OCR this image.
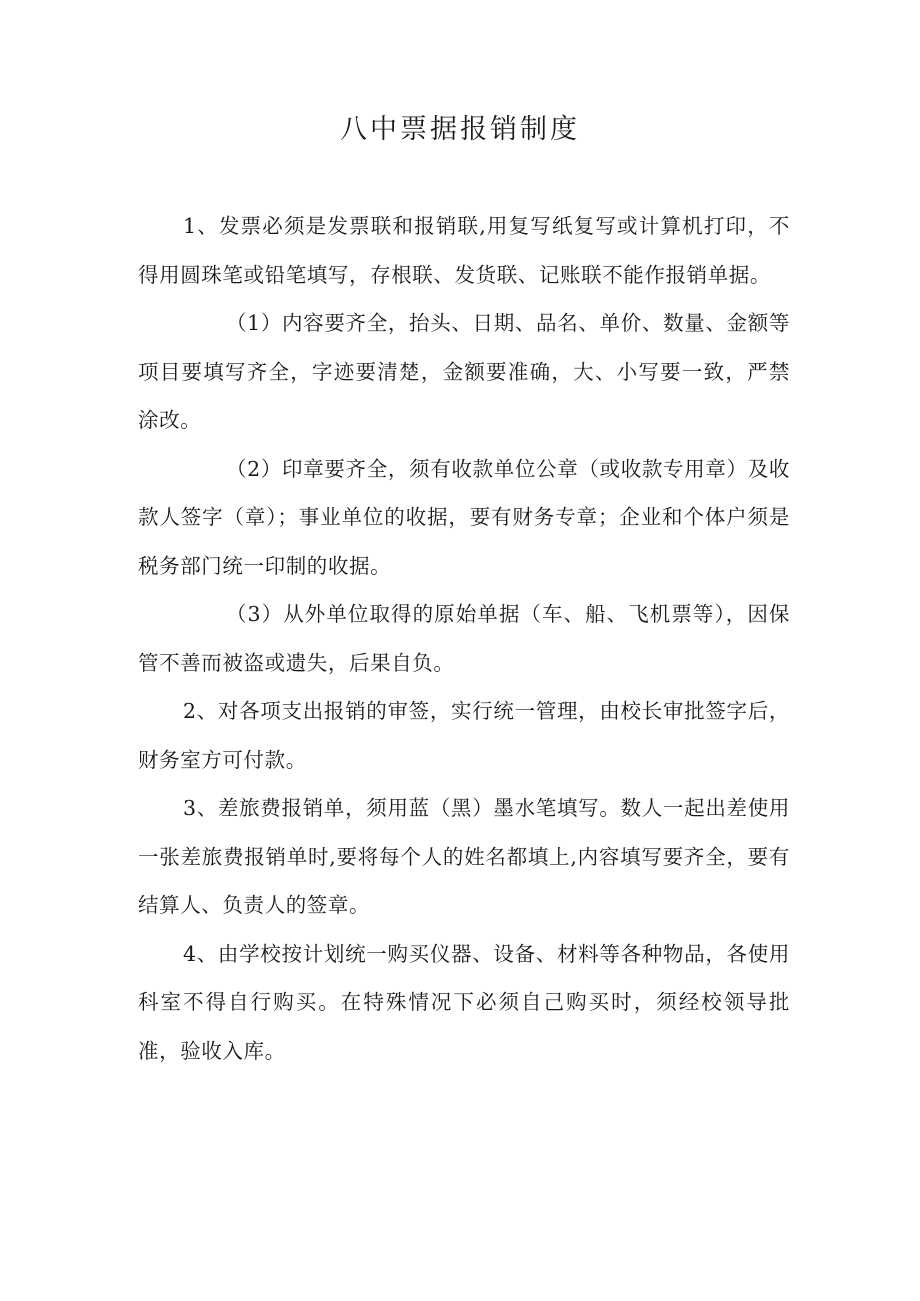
八中票据报销制度

1、发票必须是发票联和报销联,用复写纸复写或计算机打印，不得用圆珠笔或铅笔填写，存根联、发货联、记账联不能作报销单据。

（1）内容要齐全，抬头、日期、品名、单价、数量、金额等项目要填写齐全，字迹要清楚，金额要准确，大、小写要一致，严禁涂改。

（2）印章要齐全，须有收款单位公章（或收款专用章）及收款人签字（章）；事业单位的收据，要有财务专章；企业和个体户须是税务部门统一印制的收据。

（3）从外单位取得的原始单据（车、船、飞机票等），因保管不善而被盗或遗失，后果自负。

2、对各项支出报销的审签，实行统一管理，由校长审批签字后，财务室方可付款。

3、差旅费报销单，须用蓝（黑）墨水笔填写。数人一起出差使用一张差旅费报销单时,要将每个人的姓名都填上,内容填写要齐全，要有结算人、负责人的签章。

4、由学校按计划统一购买仪器、设备、材料等各种物品，各使用科室不得自行购买。在特殊情况下必须自己购买时，须经校领导批准，验收入库。
